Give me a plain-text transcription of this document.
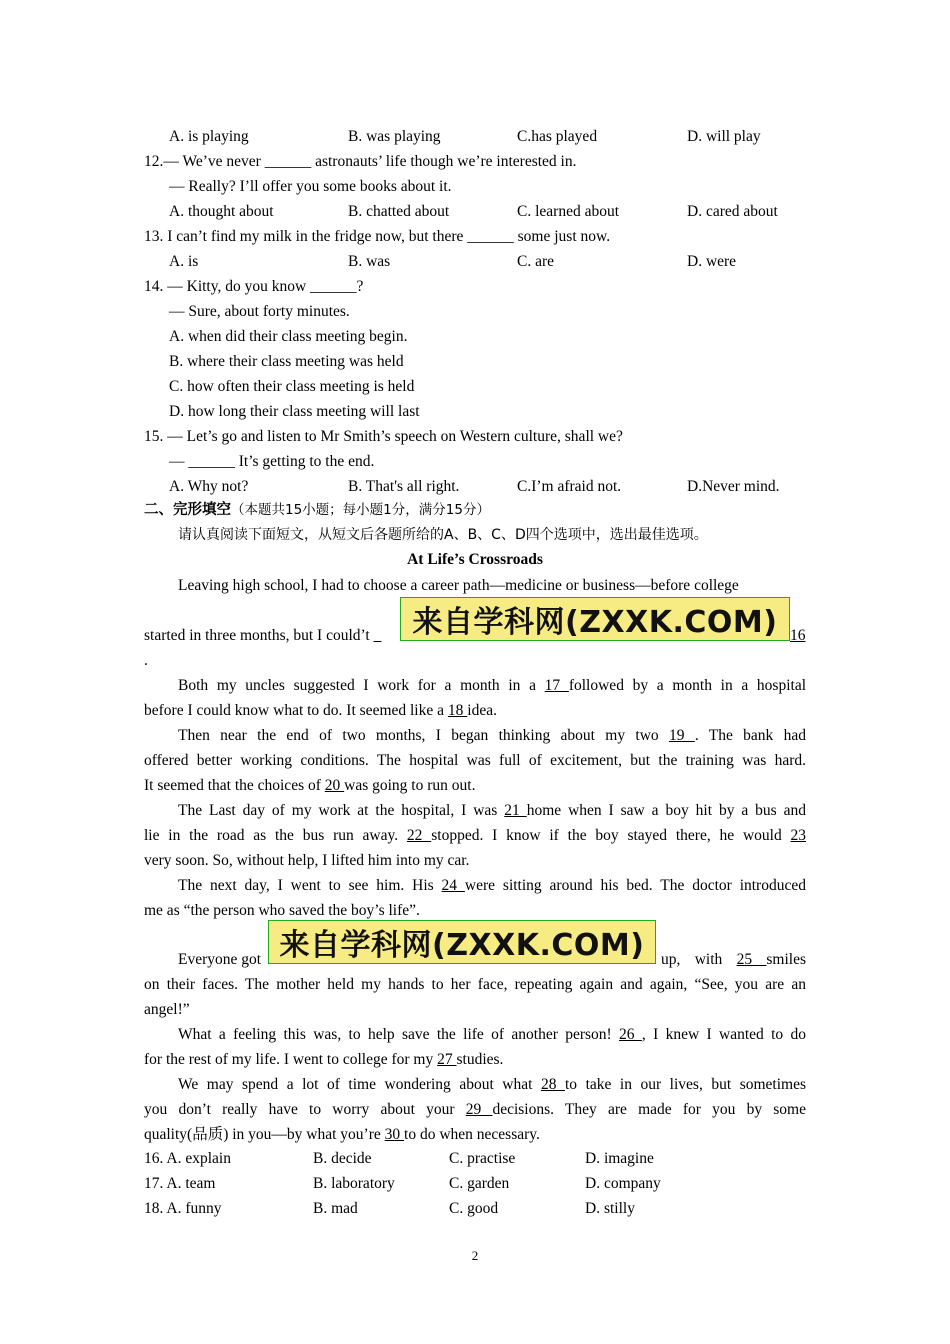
A. is playing	B. was playing	C.has played	D. will play
12.— We’ve never ______ astronauts’ life though we’re interested in.
— Really? I’ll offer you some books about it.
A. thought about	B. chatted about	C. learned about	D. cared about
13. I can’t find my milk in the fridge now, but there ______ some just now.
A. is	B. was	C. are	D. were
14. — Kitty, do you know ______?
— Sure, about forty minutes.
A. when did their class meeting begin.
B. where their class meeting was held
C. how often their class meeting is held
D. how long their class meeting will last
15. — Let’s go and listen to Mr Smith’s speech on Western culture, shall we?
— ______ It’s getting to the end.
A. Why not?	B. That's all right.	C.I’m afraid not.	D.Never mind.
二、完形填空（本题共15小题；每小题1分，满分15分）
请认真阅读下面短文，从短文后各题所给的A、B、C、D四个选项中，选出最佳选项。
At Life’s Crossroads
Leaving high school, I had to choose a career path—medicine or business—before college
started in three months, but I could’t _	16
.
来自学科网(ZXXK.COM)
Both my uncles suggested I work for a month in a 17 followed by a month in a hospital
before I could know what to do. It seemed like a 18 idea.
Then near the end of two months, I began thinking about my two 19 . The bank had
offered better working conditions. The hospital was full of excitement, but the training was hard.
It seemed that the choices of 20 was going to run out.
The Last day of my work at the hospital, I was 21 home when I saw a boy hit by a bus and
lie in the road as the bus run away. 22 stopped. I know if the boy stayed there, he would 23
very soon. So, without help, I lifted him into my car.
The next day, I went to see him. His 24 were sitting around his bed. The doctor introduced
me as “the person who saved the boy’s life”.
Everyone got	up, with 25 smiles
on their faces. The mother held my hands to her face, repeating again and again, “See, you are an
angel!”
来自学科网(ZXXK.COM)
What a feeling this was, to help save the life of another person! 26 , I knew I wanted to do
for the rest of my life. I went to college for my 27 studies.
We may spend a lot of time wondering about what 28 to take in our lives, but sometimes
you don’t really have to worry about your 29 decisions. They are made for you by some
quality(品质) in you—by what you’re 30 to do when necessary.
16. A. explain	B. decide	C. practise	D. imagine
17. A. team	B. laboratory	C. garden	D. company
18. A. funny	B. mad	C. good	D. stilly
2
